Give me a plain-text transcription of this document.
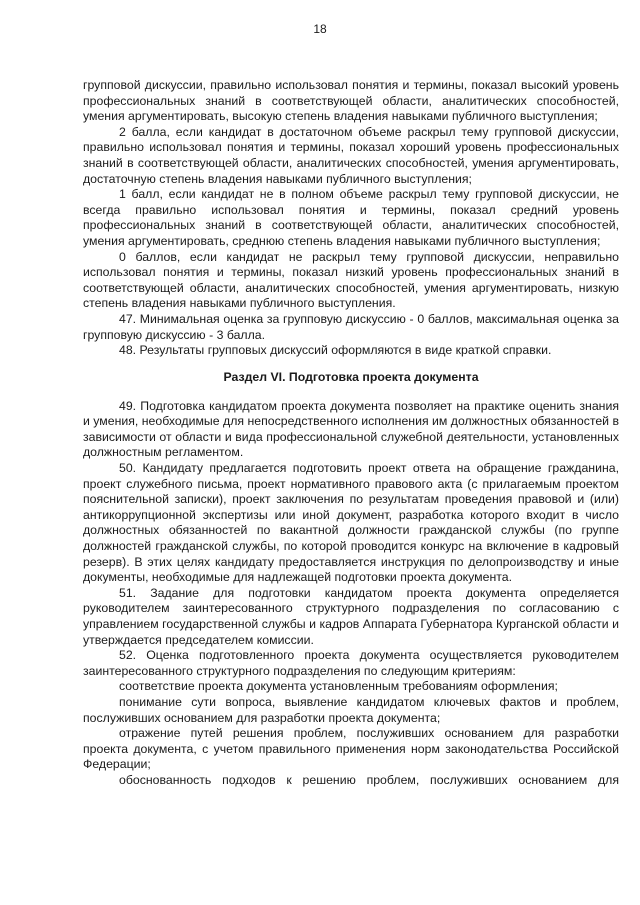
18

групповой дискуссии, правильно использовал понятия и термины, показал высокий уровень профессиональных знаний в соответствующей области, аналитических способностей, умения аргументировать, высокую степень владения навыками публичного выступления;

2 балла, если кандидат в достаточном объеме раскрыл тему групповой дискуссии, правильно использовал понятия и термины, показал хороший уровень профессиональных знаний в соответствующей области, аналитических способностей, умения аргументировать, достаточную степень владения навыками публичного выступления;

1 балл, если кандидат не в полном объеме раскрыл тему групповой дискуссии, не всегда правильно использовал понятия и термины, показал средний уровень профессиональных знаний в соответствующей области, аналитических способностей, умения аргументировать, среднюю степень владения навыками публичного выступления;

0 баллов, если кандидат не раскрыл тему групповой дискуссии, неправильно использовал понятия и термины, показал низкий уровень профессиональных знаний в соответствующей области, аналитических способностей, умения аргументировать, низкую степень владения навыками публичного выступления.

47. Минимальная оценка за групповую дискуссию - 0 баллов, максимальная оценка за групповую дискуссию - 3 балла.

48. Результаты групповых дискуссий оформляются в виде краткой справки.

Раздел VI. Подготовка проекта документа

49. Подготовка кандидатом проекта документа позволяет на практике оценить знания и умения, необходимые для непосредственного исполнения им должностных обязанностей в зависимости от области и вида профессиональной служебной деятельности, установленных должностным регламентом.

50. Кандидату предлагается подготовить проект ответа на обращение гражданина, проект служебного письма, проект нормативного правового акта (с прилагаемым проектом пояснительной записки), проект заключения по результатам проведения правовой и (или) антикоррупционной экспертизы или иной документ, разработка которого входит в число должностных обязанностей по вакантной должности гражданской службы (по группе должностей гражданской службы, по которой проводится конкурс на включение в кадровый резерв). В этих целях кандидату предоставляется инструкция по делопроизводству и иные документы, необходимые для надлежащей подготовки проекта документа.

51. Задание для подготовки кандидатом проекта документа определяется руководителем заинтересованного структурного подразделения по согласованию с управлением государственной службы и кадров Аппарата Губернатора Курганской области и утверждается председателем комиссии.

52. Оценка подготовленного проекта документа осуществляется руководителем заинтересованного структурного подразделения по следующим критериям:

соответствие проекта документа установленным требованиям оформления;

понимание сути вопроса, выявление кандидатом ключевых фактов и проблем, послуживших основанием для разработки проекта документа;

отражение путей решения проблем, послуживших основанием для разработки проекта документа, с учетом правильного применения норм законодательства Российской Федерации;

обоснованность подходов к решению проблем, послуживших основанием для
